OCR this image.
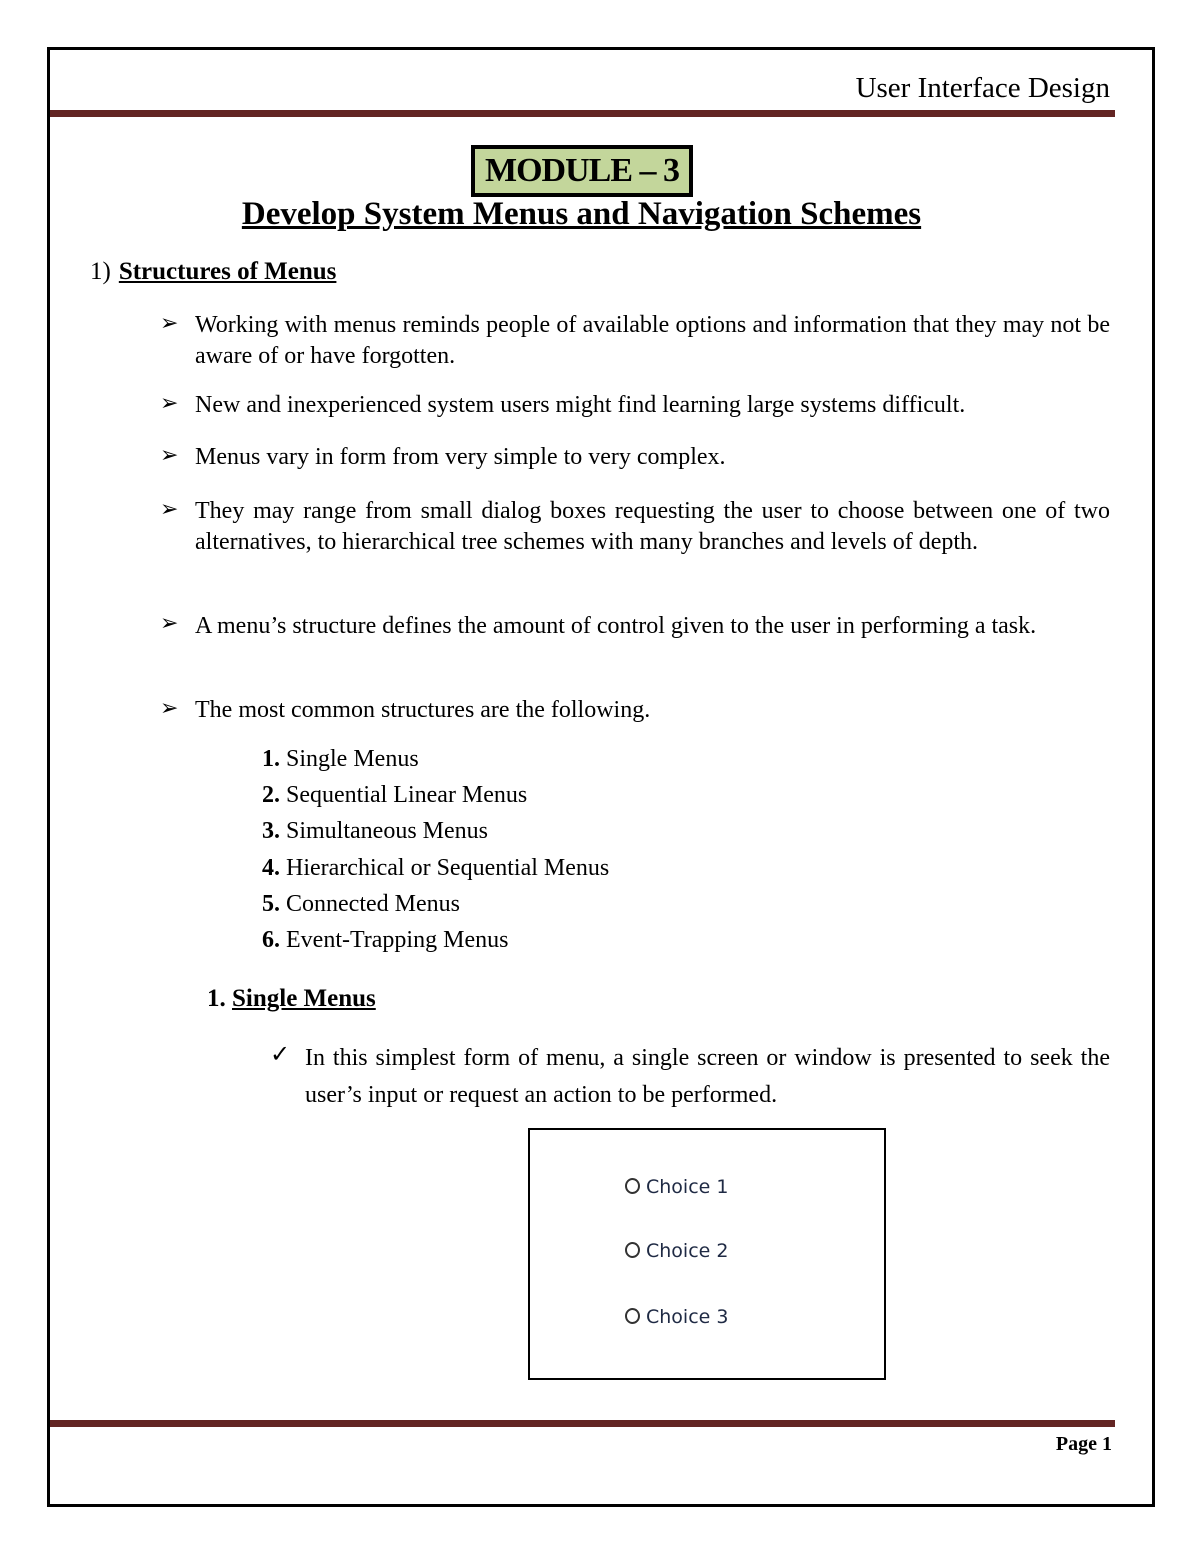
User Interface Design
MODULE – 3
Develop System Menus and Navigation Schemes
1) Structures of Menus
➢ Working with menus reminds people of available options and information that they may not be aware of or have forgotten.
➢ New and inexperienced system users might find learning large systems difficult.
➢ Menus vary in form from very simple to very complex.
➢ They may range from small dialog boxes requesting the user to choose between one of two alternatives, to hierarchical tree schemes with many branches and levels of depth.
➢ A menu’s structure defines the amount of control given to the user in performing a task.
➢ The most common structures are the following.
1. Single Menus
2. Sequential Linear Menus
3. Simultaneous Menus
4. Hierarchical or Sequential Menus
5. Connected Menus
6. Event-Trapping Menus
1. Single Menus
✓ In this simplest form of menu, a single screen or window is presented to seek the user’s input or request an action to be performed.
Choice 1
Choice 2
Choice 3
Page 1
